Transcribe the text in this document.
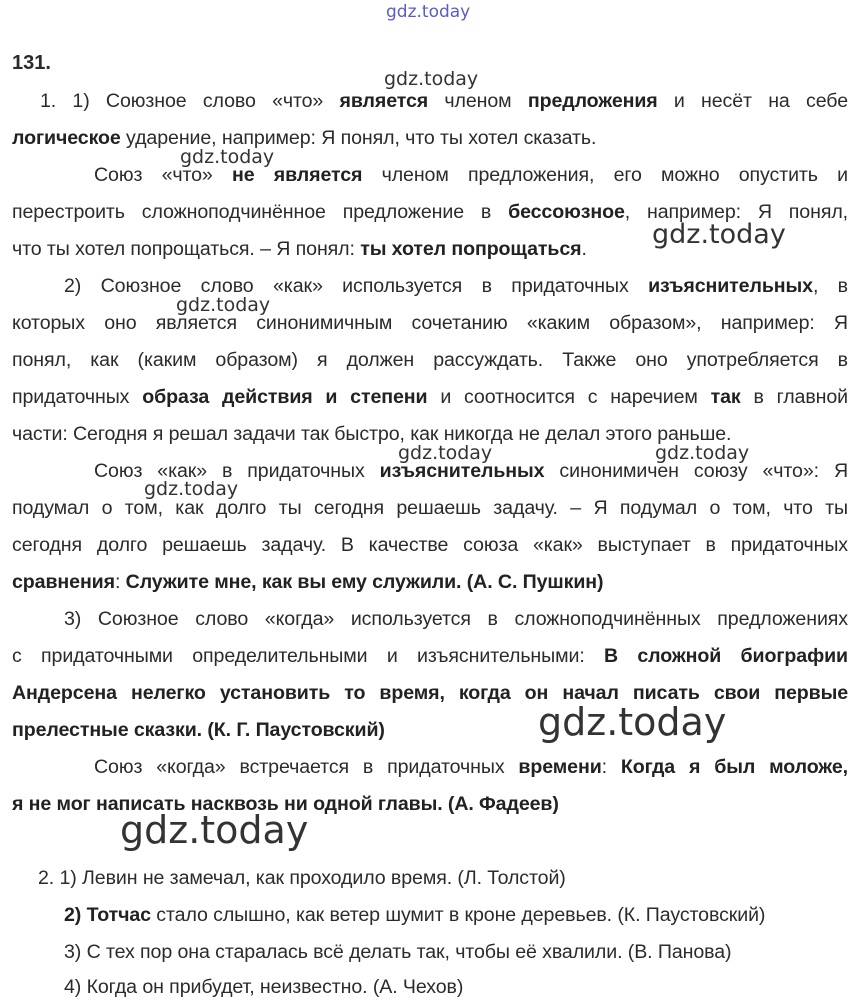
gdz.today
131.
gdz.today
gdz.today
gdz.today
gdz.today
gdz.today	gdz.today
gdz.today
gdz.today
gdz.today
1. 1) Союзное слово «что» является членом предложения и несёт на себе
логическое ударение, например: Я понял, что ты хотел сказать.
Союз «что» не является членом предложения, его можно опустить и
перестроить сложноподчинённое предложение в бессоюзное, например: Я понял,
что ты хотел попрощаться. – Я понял: ты хотел попрощаться.
2) Союзное слово «как» используется в придаточных изъяснительных, в
которых оно является синонимичным сочетанию «каким образом», например: Я
понял, как (каким образом) я должен рассуждать. Также оно употребляется в
придаточных образа действия и степени и соотносится с наречием так в главной
части: Сегодня я решал задачи так быстро, как никогда не делал этого раньше.
Союз «как» в придаточных изъяснительных синонимичен союзу «что»: Я
подумал о том, как долго ты сегодня решаешь задачу. – Я подумал о том, что ты
сегодня долго решаешь задачу. В качестве союза «как» выступает в придаточных
сравнения: Служите мне, как вы ему служили. (А. С. Пушкин)
3) Союзное слово «когда» используется в сложноподчинённых предложениях
с придаточными определительными и изъяснительными: В сложной биографии
Андерсена нелегко установить то время, когда он начал писать свои первые
прелестные сказки. (К. Г. Паустовский)
Союз «когда» встречается в придаточных времени: Когда я был моложе,
я не мог написать насквозь ни одной главы. (А. Фадеев)
2. 1) Левин не замечал, как проходило время. (Л. Толстой)
2) Тотчас стало слышно, как ветер шумит в кроне деревьев. (К. Паустовский)
3) С тех пор она старалась всё делать так, чтобы её хвалили. (В. Панова)
4) Когда он прибудет, неизвестно. (А. Чехов)
